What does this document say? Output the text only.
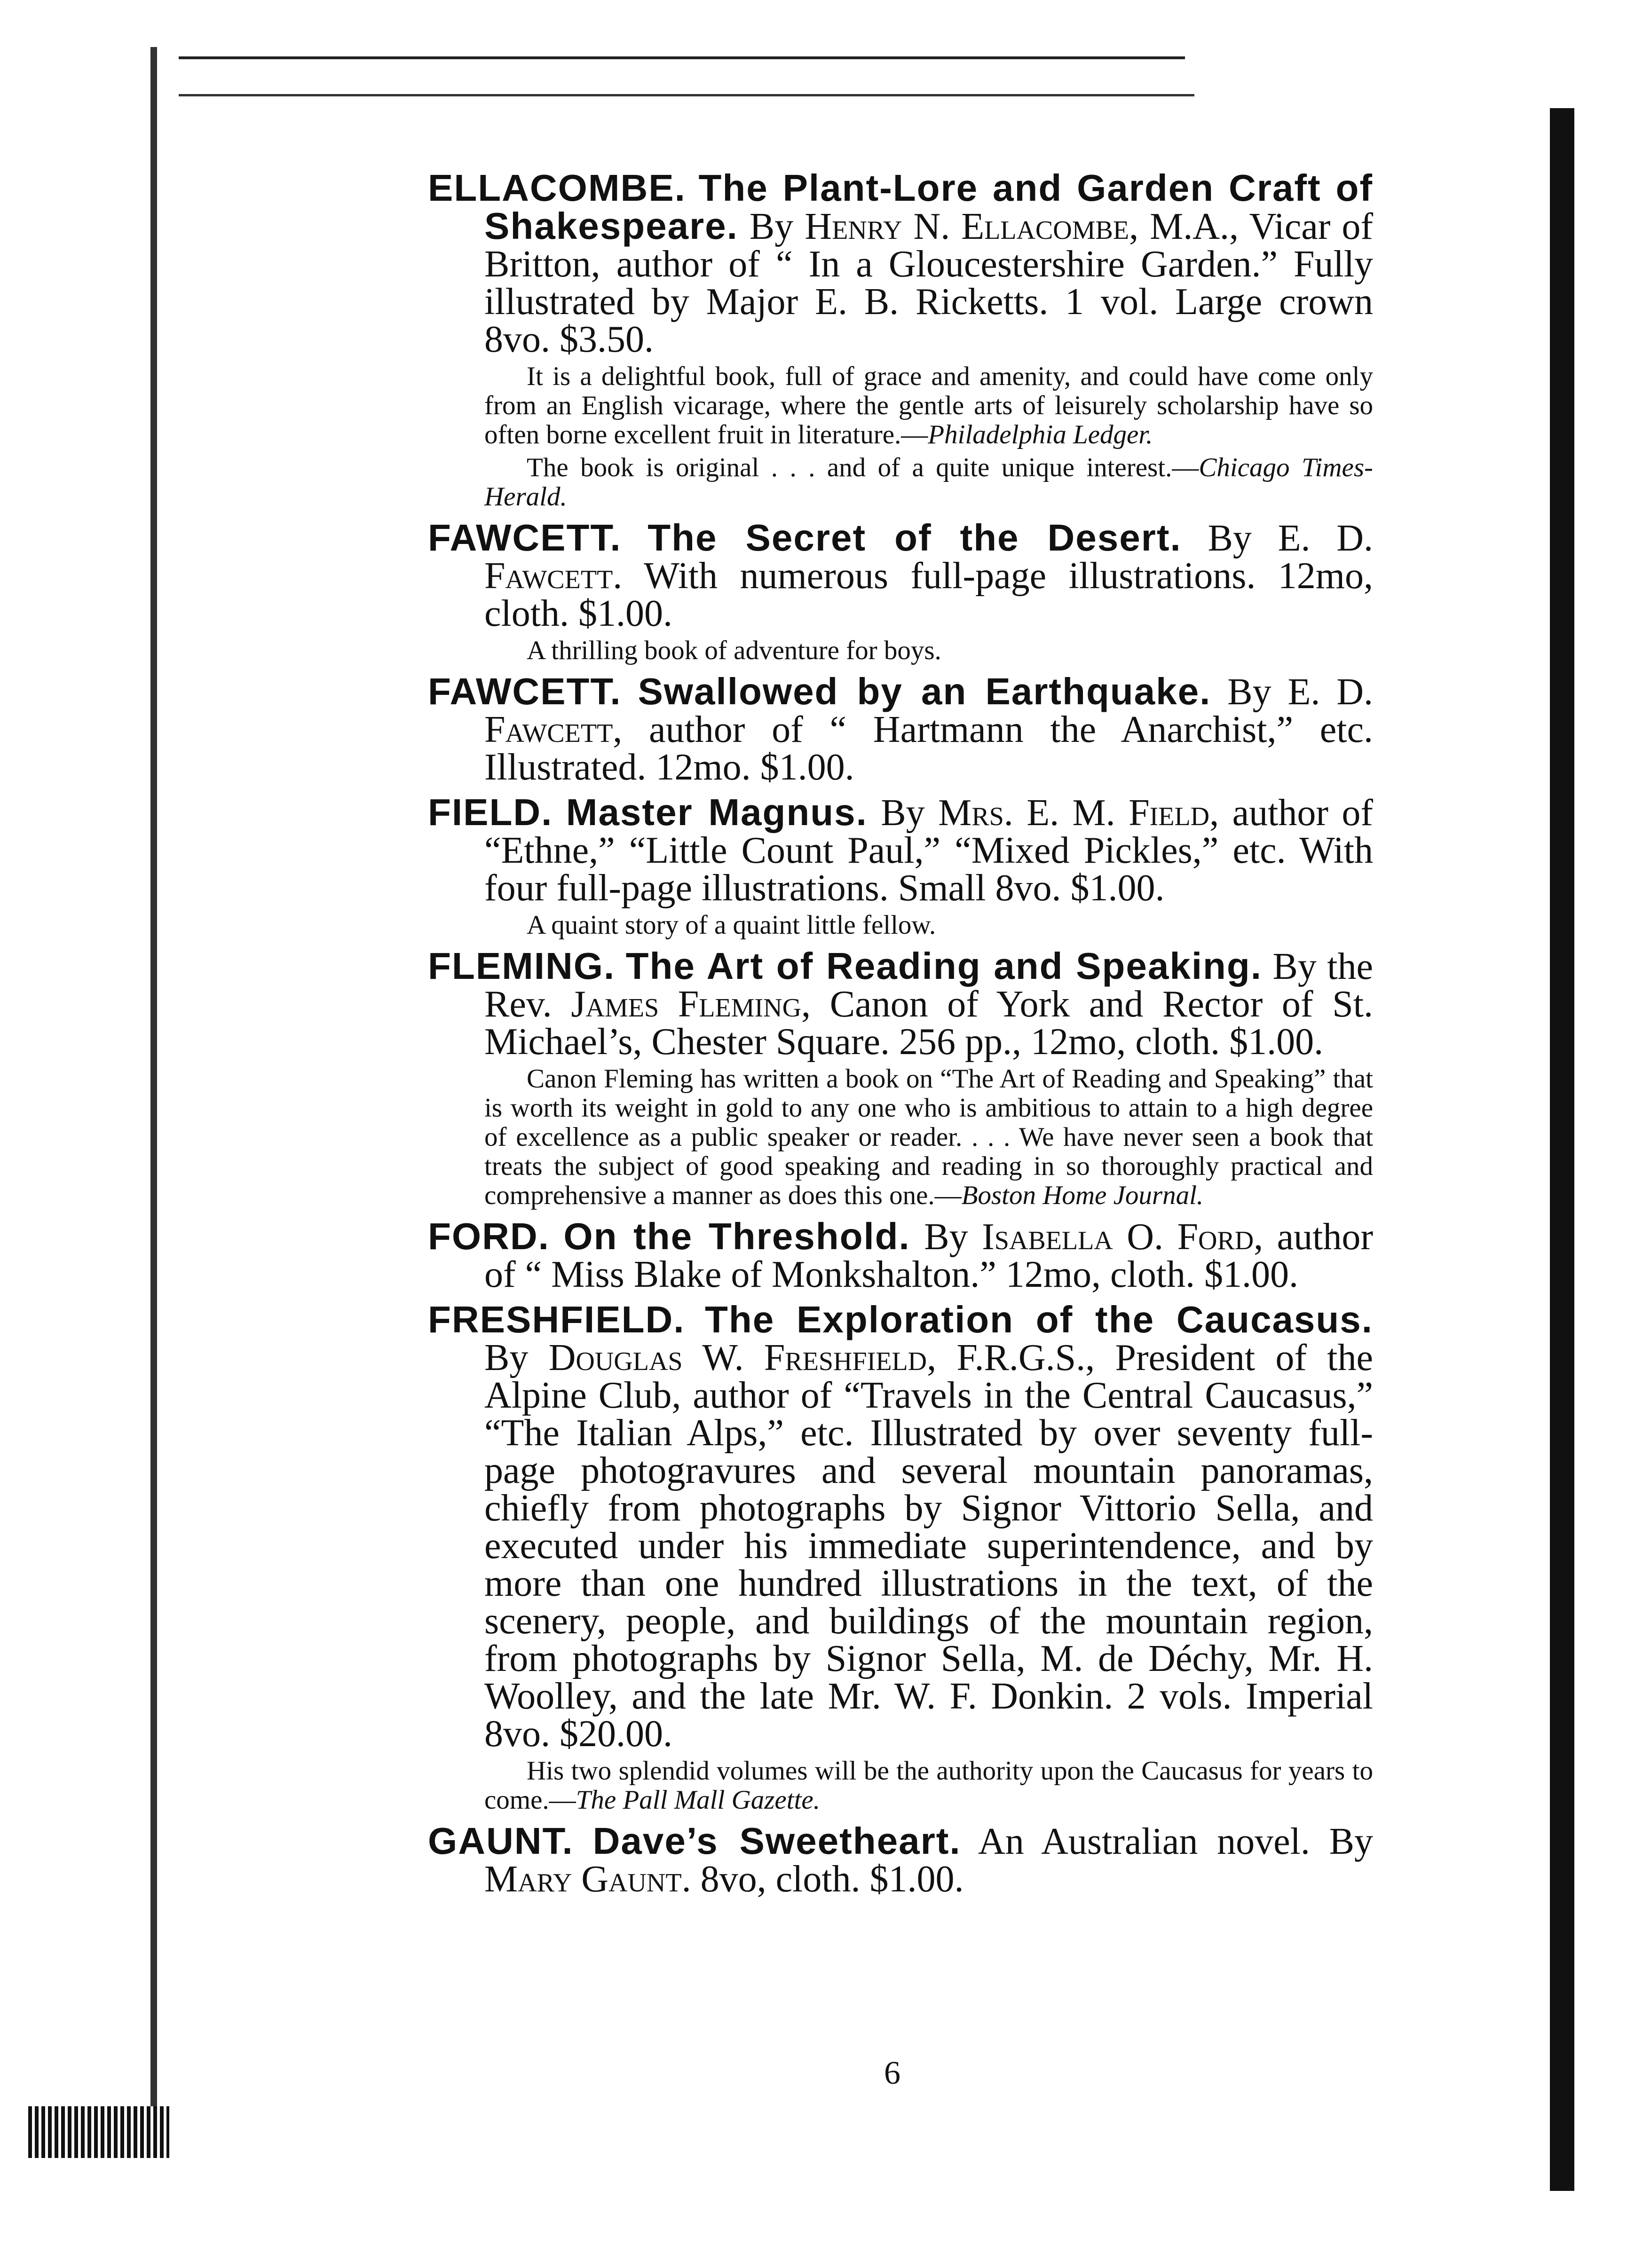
ELLACOMBE. The Plant-Lore and Garden Craft of Shakespeare. By Henry N. Ellacombe, M.A., Vicar of Britton, author of “ In a Gloucestershire Garden.” Fully illustrated by Major E. B. Ricketts. 1 vol. Large crown 8vo. $3.50.
It is a delightful book, full of grace and amenity, and could have come only from an English vicarage, where the gentle arts of leisurely scholarship have so often borne excellent fruit in literature.—Philadelphia Ledger.
The book is original . . . and of a quite unique interest.—Chicago Times-Herald.
FAWCETT. The Secret of the Desert. By E. D. Fawcett. With numerous full-page illustrations. 12mo, cloth. $1.00.
A thrilling book of adventure for boys.
FAWCETT. Swallowed by an Earthquake. By E. D. Fawcett, author of “ Hartmann the Anarchist,” etc. Illustrated. 12mo. $1.00.
FIELD. Master Magnus. By Mrs. E. M. Field, author of “Ethne,” “Little Count Paul,” “Mixed Pickles,” etc. With four full-page illustrations. Small 8vo. $1.00.
A quaint story of a quaint little fellow.
FLEMING. The Art of Reading and Speaking. By the Rev. James Fleming, Canon of York and Rector of St. Michael’s, Chester Square. 256 pp., 12mo, cloth. $1.00.
Canon Fleming has written a book on “The Art of Reading and Speaking” that is worth its weight in gold to any one who is ambitious to attain to a high degree of excellence as a public speaker or reader. . . . We have never seen a book that treats the subject of good speaking and reading in so thoroughly practical and comprehensive a manner as does this one.—Boston Home Journal.
FORD. On the Threshold. By Isabella O. Ford, author of “ Miss Blake of Monkshalton.” 12mo, cloth. $1.00.
FRESHFIELD. The Exploration of the Caucasus. By Douglas W. Freshfield, F.R.G.S., President of the Alpine Club, author of “Travels in the Central Caucasus,” “The Italian Alps,” etc. Illustrated by over seventy full-page photogravures and several mountain panoramas, chiefly from photographs by Signor Vittorio Sella, and executed under his immediate superintendence, and by more than one hundred illustrations in the text, of the scenery, people, and buildings of the mountain region, from photographs by Signor Sella, M. de Déchy, Mr. H. Woolley, and the late Mr. W. F. Donkin. 2 vols. Imperial 8vo. $20.00.
His two splendid volumes will be the authority upon the Caucasus for years to come.—The Pall Mall Gazette.
GAUNT. Dave’s Sweetheart. An Australian novel. By Mary Gaunt. 8vo, cloth. $1.00.
6
